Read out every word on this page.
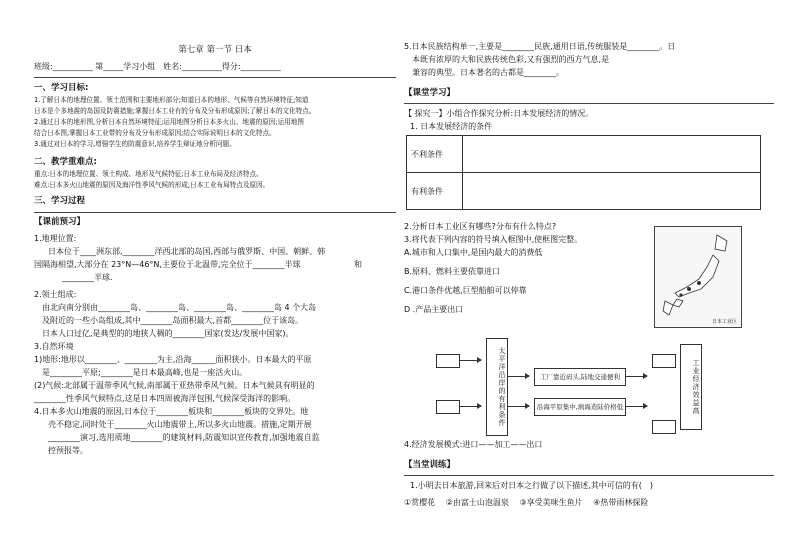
第七章 第一节 日本

班级:__________ 第_____学习小组　姓名:__________得分:__________

一、学习目标:

1.了解日本的地理位置、领土范围和主要地形部分;知道日本的地形、气候等自然环境特征;知道

日本是个多地震的岛国及防震措施;掌握日本工业有的分布及分布形成原因;了解日本的文化特点。

2.通过日本的地形图,分析日本自然环境特征;运用地图分析日本多火山、地震的原因;运用地图

结合日本图,掌握日本工业带的分布及分布形成原因;结合实际说明日本的文化特点。

3.通过对日本的学习,增强学生的防震意识,培养学生辩证地分析问题。

二、教学重难点:

重点:日本的地理位置、领土构成、地形及气候特征;日本工业布局及经济特点。

难点:日本多火山地震的原因及海洋性季风气候的形成;日本工业布局特点及原因。

三、学习过程

【课前预习】

1.地理位置:

日本位于____洲东部,________洋西北部的岛国,西部与俄罗斯、中国、朝鲜、韩

国隔海相望,大部分在 23°N—46°N,主要位于北温带,完全位于________半球	和

________半球.

2.领土组成:

由北向南分别由________岛、________岛、________岛、________岛 4 个大岛

及附近的一些小岛组成,其中________岛面积最大,首都________位于该岛。

日本人口过亿,是典型的的地狭人稠的________国家(发达/发展中国家)。

3.自然环境

1)地形:地形以________、________为主,沿海______面积狭小。日本最大的平原

是________平原;________是日本最高峰,也是一座活火山。

(2)气候:北部属于温带季风气候,南部属于亚热带季风气候。日本气候具有明显的

________性季风气候特点,这是日本四周被海洋包围,气候深受海洋的影响。

4.日本多火山地震的原因,日本位于________板块和________板块的交界处。地

壳不稳定,同时处于________火山地震带上,所以多火山地震。措施,定期开展

________演习,选用质地________的建筑材料,防震知识宣传教育,加强地震自监

控预报等。

5.日本民族结构单一,主要是________民族,通用日语,传统服装是________。日

本既有浓厚的大和民族传统色彩,又有强烈的西方气息,是

兼容的典型。日本著名的古都是________。

【课堂学习】

【 探究一】小组合作探究分析:日本发展经济的情况。

1. 日本发展经济的条件

不利条件	
有利条件	

2.分析日本工业区有哪些?分布有什么特点?

3.将代表下列内容的符号填入框图中,使框图完整。

A.城市和人口集中,是国内最大的消费低

B.原料、燃料主要依靠进口

C.港口条件优越,巨型船舶可以停靠

D .产品主要出口

日本工业区
太平洋沿岸的有利条件	工厂靠近码头,陆地交通便利
沿海平原集中,填海造陆价格低	工业经济效益高

4.经济发展模式:进口——加工——出口

【当堂训练】

1.小明去日本旅游,回来后对日本之行做了以下描述,其中可信的有(　)

①赏樱花　 ②由富士山泡温泉　 ③享受美味生鱼片　 ④热带雨林探险
